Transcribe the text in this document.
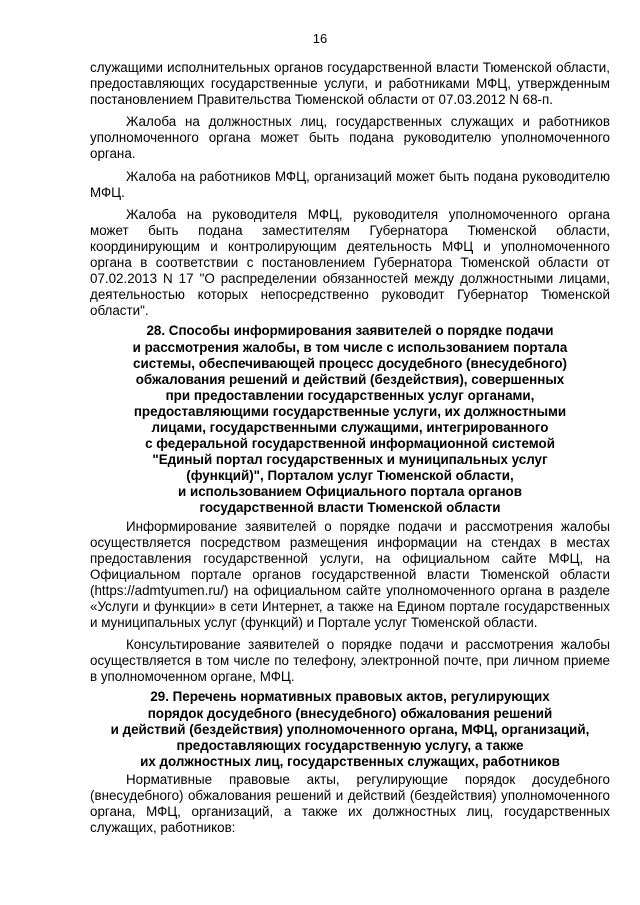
16

служащими исполнительных органов государственной власти Тюменской области, предоставляющих государственные услуги, и работниками МФЦ, утвержденным постановлением Правительства Тюменской области от 07.03.2012 N 68-п.

Жалоба на должностных лиц, государственных служащих и работников уполномоченного органа может быть подана руководителю уполномоченного органа.

Жалоба на работников МФЦ, организаций может быть подана руководителю МФЦ.

Жалоба на руководителя МФЦ, руководителя уполномоченного органа может быть подана заместителям Губернатора Тюменской области, координирующим и контролирующим деятельность МФЦ и уполномоченного органа в соответствии с постановлением Губернатора Тюменской области от 07.02.2013 N 17 "О распределении обязанностей между должностными лицами, деятельностью которых непосредственно руководит Губернатор Тюменской области".

28. Способы информирования заявителей о порядке подачи
и рассмотрения жалобы, в том числе с использованием портала
системы, обеспечивающей процесс досудебного (внесудебного)
обжалования решений и действий (бездействия), совершенных
при предоставлении государственных услуг органами,
предоставляющими государственные услуги, их должностными
лицами, государственными служащими, интегрированного
с федеральной государственной информационной системой
"Единый портал государственных и муниципальных услуг
(функций)", Порталом услуг Тюменской области,
и использованием Официального портала органов
государственной власти Тюменской области

Информирование заявителей о порядке подачи и рассмотрения жалобы осуществляется посредством размещения информации на стендах в местах предоставления государственной услуги, на официальном сайте МФЦ, на Официальном портале органов государственной власти Тюменской области (https://admtyumen.ru/) на официальном сайте уполномоченного органа в разделе «Услуги и функции» в сети Интернет, а также на Едином портале государственных и муниципальных услуг (функций) и Портале услуг Тюменской области.

Консультирование заявителей о порядке подачи и рассмотрения жалобы осуществляется в том числе по телефону, электронной почте, при личном приеме в уполномоченном органе, МФЦ.

29. Перечень нормативных правовых актов, регулирующих
порядок досудебного (внесудебного) обжалования решений
и действий (бездействия) уполномоченного органа, МФЦ, организаций,
предоставляющих государственную услугу, а также
их должностных лиц, государственных служащих, работников

Нормативные правовые акты, регулирующие порядок досудебного (внесудебного) обжалования решений и действий (бездействия) уполномоченного органа, МФЦ, организаций, а также их должностных лиц, государственных служащих, работников:
